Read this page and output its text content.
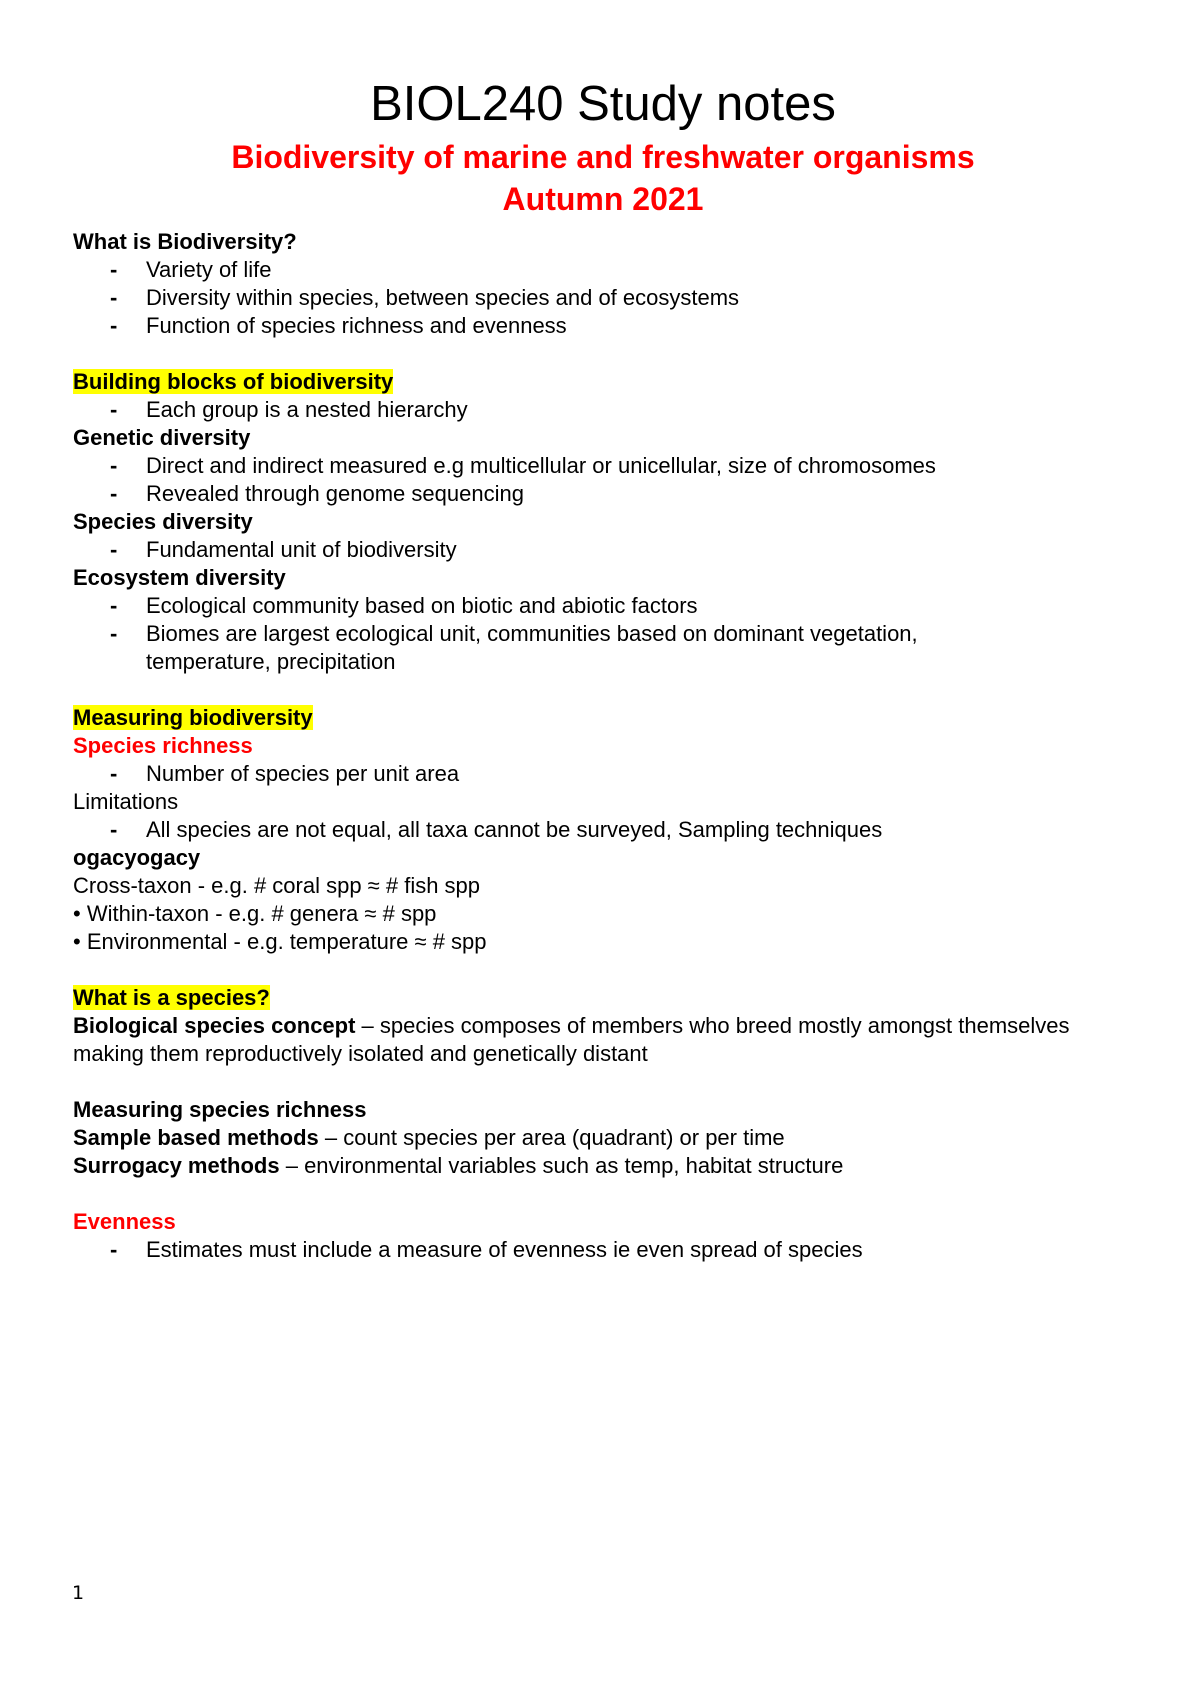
BIOL240 Study notes

Biodiversity of marine and freshwater organisms

Autumn 2021

What is Biodiversity?
-	Variety of life
-	Diversity within species, between species and of ecosystems
-	Function of species richness and evenness
Building blocks of biodiversity
-	Each group is a nested hierarchy
Genetic diversity
-	Direct and indirect measured e.g multicellular or unicellular, size of chromosomes
-	Revealed through genome sequencing
Species diversity
-	Fundamental unit of biodiversity
Ecosystem diversity
-	Ecological community based on biotic and abiotic factors
-	Biomes are largest ecological unit, communities based on dominant vegetation, temperature, precipitation
Measuring biodiversity
Species richness
-	Number of species per unit area
Limitations
-	All species are not equal, all taxa cannot be surveyed, Sampling techniques
ogacyogacy
Cross-taxon - e.g. # coral spp ≈ # fish spp
• Within-taxon - e.g. # genera ≈ # spp
• Environmental - e.g. temperature ≈ # spp
What is a species?
Biological species concept – species composes of members who breed mostly amongst themselves making them reproductively isolated and genetically distant
Measuring species richness
Sample based methods – count species per area (quadrant) or per time
Surrogacy methods – environmental variables such as temp, habitat structure
Evenness
-	Estimates must include a measure of evenness ie even spread of species
1
